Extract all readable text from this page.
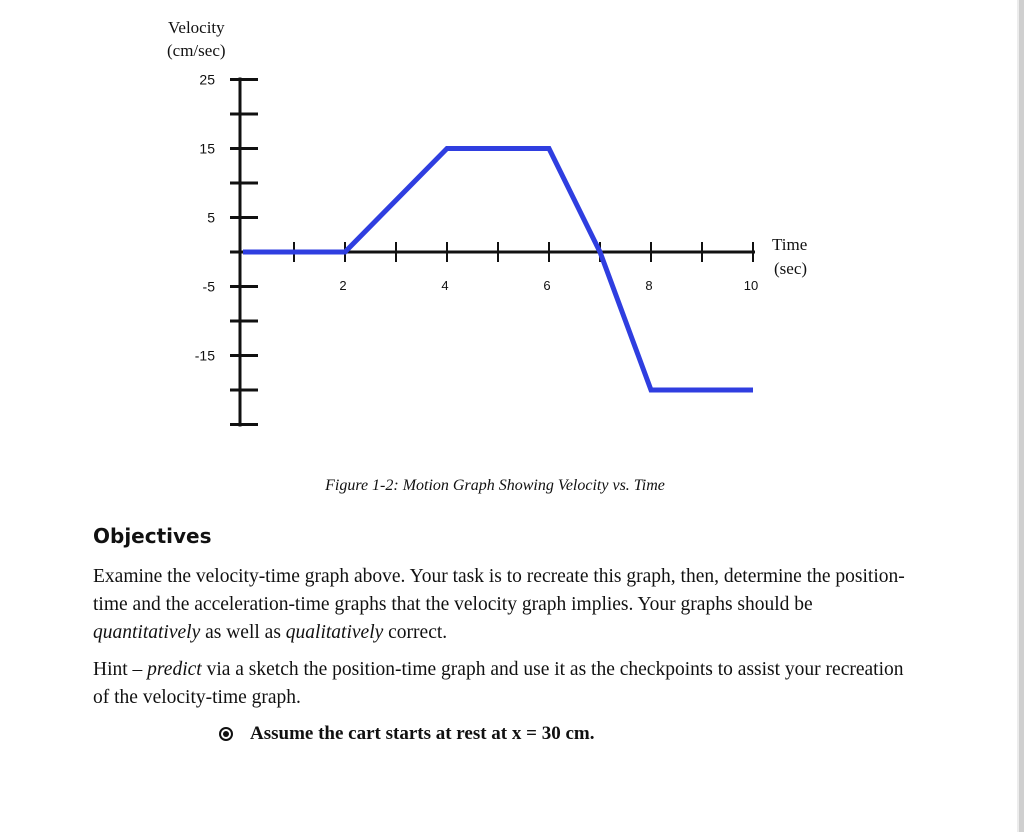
Velocity
(cm/sec)
Time
(sec)
25
15
5
-5
-15
2	4	6	8	10
Figure 1-2: Motion Graph Showing Velocity vs. Time
Objectives
Examine the velocity-time graph above. Your task is to recreate this graph, then, determine the position-time and the acceleration-time graphs that the velocity graph implies. Your graphs should be quantitatively as well as qualitatively correct.
Hint – predict via a sketch the position-time graph and use it as the checkpoints to assist your recreation of the velocity-time graph.
Assume the cart starts at rest at x = 30 cm.
